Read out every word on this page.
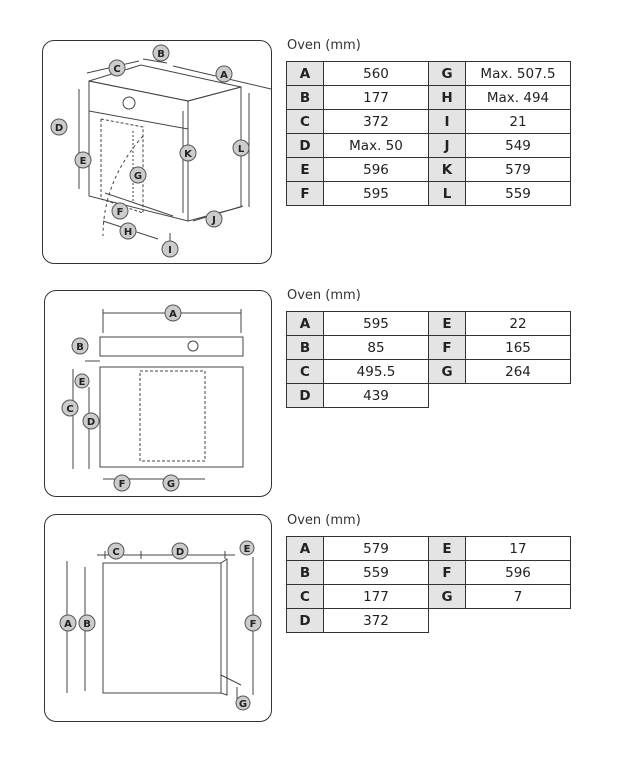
C
B
A
D
E
K	L
G
F
J
H
I
Oven (mm)
A	560	G	Max. 507.5
B	177	H	Max. 494
C	372	I	21
D	Max. 50	J	549
E	596	K	579
F	595	L	559
A
B
E
C
D
F	G
Oven (mm)
A	595	E	22
B	85	F	165
C	495.5	G	264
D	439		
C	D	E
A B	F
G
Oven (mm)
A	579	E	17
B	559	F	596
C	177	G	7
D	372		
